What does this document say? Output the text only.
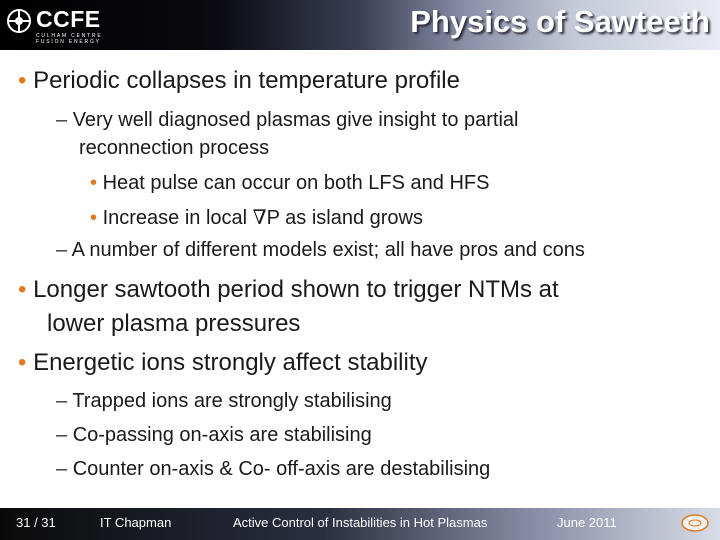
CCFE
CULHAM CENTRE FUSION ENERGY
Physics of Sawteeth
• Periodic collapses in temperature profile
– Very well diagnosed plasmas give insight to partial
reconnection process
• Heat pulse can occur on both LFS and HFS
• Increase in local ∇P as island grows
– A number of different models exist; all have pros and cons
• Longer sawtooth period shown to trigger NTMs at
lower plasma pressures
• Energetic ions strongly affect stability
– Trapped ions are strongly stabilising
– Co-passing on-axis are stabilising
– Counter on-axis & Co- off-axis are destabilising
31 / 31	IT Chapman	Active Control of Instabilities in Hot Plasmas	June 2011
